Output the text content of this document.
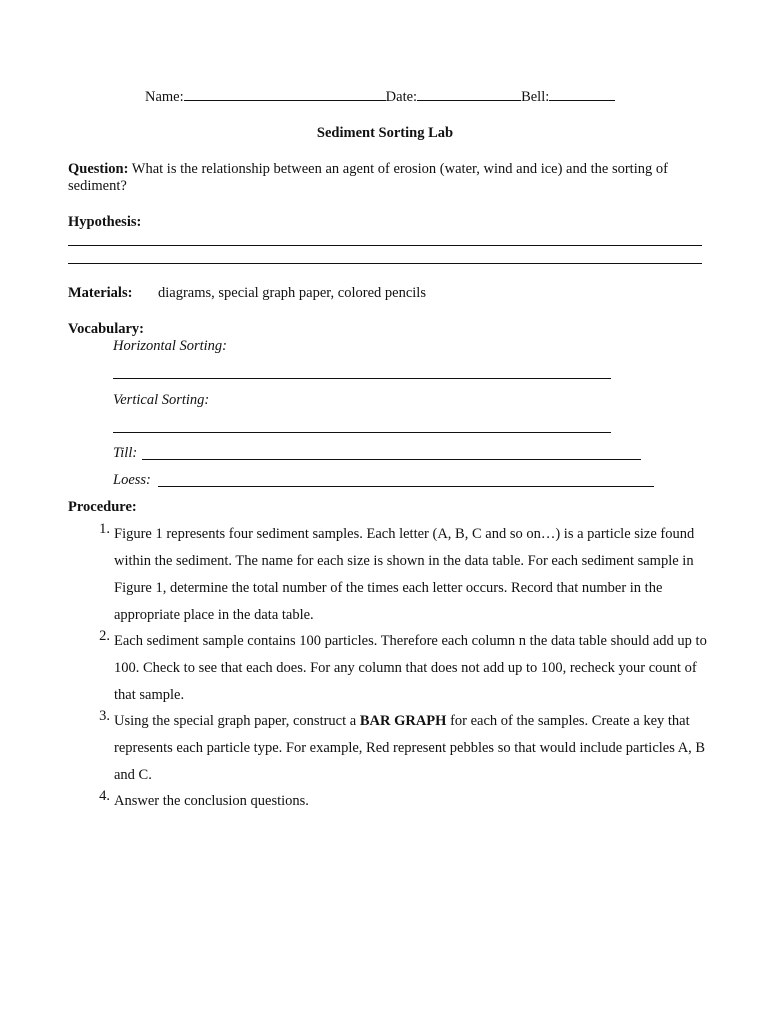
Name:	Date:	Bell:
Sediment Sorting Lab
Question: What is the relationship between an agent of erosion (water, wind and ice) and the sorting of
sediment?
Hypothesis:
Materials: diagrams, special graph paper, colored pencils
Vocabulary:
Horizontal Sorting:
Vertical Sorting:
Till:
Loess:
Procedure:
1. Figure 1 represents four sediment samples. Each letter (A, B, C and so on…) is a particle size found within the sediment. The name for each size is shown in the data table. For each sediment sample in Figure 1, determine the total number of the times each letter occurs. Record that number in the appropriate place in the data table.
2. Each sediment sample contains 100 particles. Therefore each column n the data table should add up to 100. Check to see that each does. For any column that does not add up to 100, recheck your count of that sample.
3. Using the special graph paper, construct a BAR GRAPH for each of the samples. Create a key that represents each particle type. For example, Red represent pebbles so that would include particles A, B and C.
4. Answer the conclusion questions.
